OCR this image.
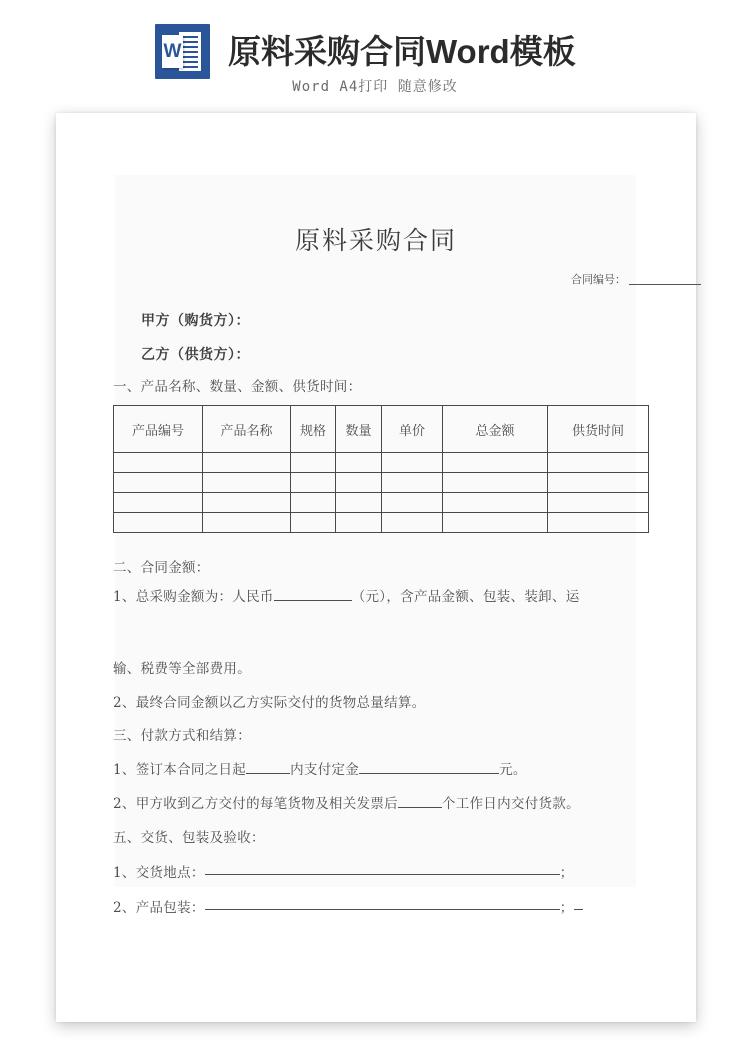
W 原料采购合同Word模板
Word A4打印 随意修改
原料采购合同
合同编号：
甲方（购货方）：
乙方（供货方）：
一、产品名称、数量、金额、供货时间：
产品编号	产品名称	规格	数量	单价	总金额	供货时间

二、合同金额：
1、总采购金额为：人民币	（元），含产品金额、包装、装卸、运
输、税费等全部费用。
2、最终合同金额以乙方实际交付的货物总量结算。
三、付款方式和结算：
1、签订本合同之日起	内支付定金	元。
2、甲方收到乙方交付的每笔货物及相关发票后	个工作日内交付货款。
五、交货、包装及验收：
1、交货地点：	；
2、产品包装：	；
